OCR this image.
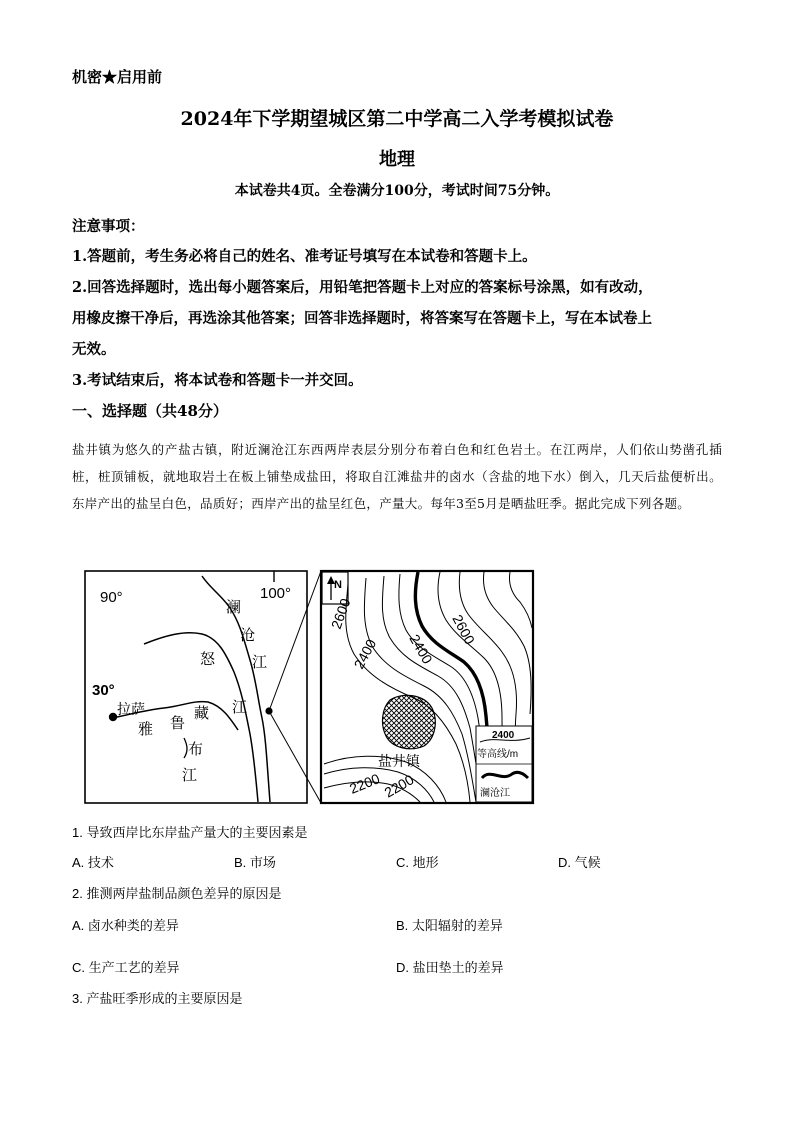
机密★启用前
2024年下学期望城区第二中学高二入学考模拟试卷
地理
本试卷共4页。全卷满分100分，考试时间75分钟。
注意事项：
1.答题前，考生务必将自己的姓名、准考证号填写在本试卷和答题卡上。
2.回答选择题时，选出每小题答案后，用铅笔把答题卡上对应的答案标号涂黑，如有改动，
用橡皮擦干净后，再选涂其他答案；回答非选择题时，将答案写在答题卡上，写在本试卷上
无效。
3.考试结束后，将本试卷和答题卡一并交回。
一、选择题（共48分）
盐井镇为悠久的产盐古镇，附近澜沧江东西两岸表层分别分布着白色和红色岩土。在江两岸，人们依山势凿孔插桩，桩顶铺板，就地取岩土在板上铺垫成盐田，将取自江滩盐井的卤水（含盐的地下水）倒入，几天后盐便析出。东岸产出的盐呈白色，品质好；西岸产出的盐呈红色，产量大。每年3至5月是晒盐旺季。据此完成下列各题。
90°	100°
30°
拉萨
澜
沧
江
怒
江
雅 鲁
藏
布
江
N
2600	2600
2400 2400
2200 2200
盐井镇
2400
等高线/m
澜沧江
1. 导致西岸比东岸盐产量大的主要因素是
A. 技术	B. 市场	C. 地形	D. 气候
2. 推测两岸盐制品颜色差异的原因是
A. 卤水种类的差异	B. 太阳辐射的差异
C. 生产工艺的差异	D. 盐田垫土的差异
3. 产盐旺季形成的主要原因是
